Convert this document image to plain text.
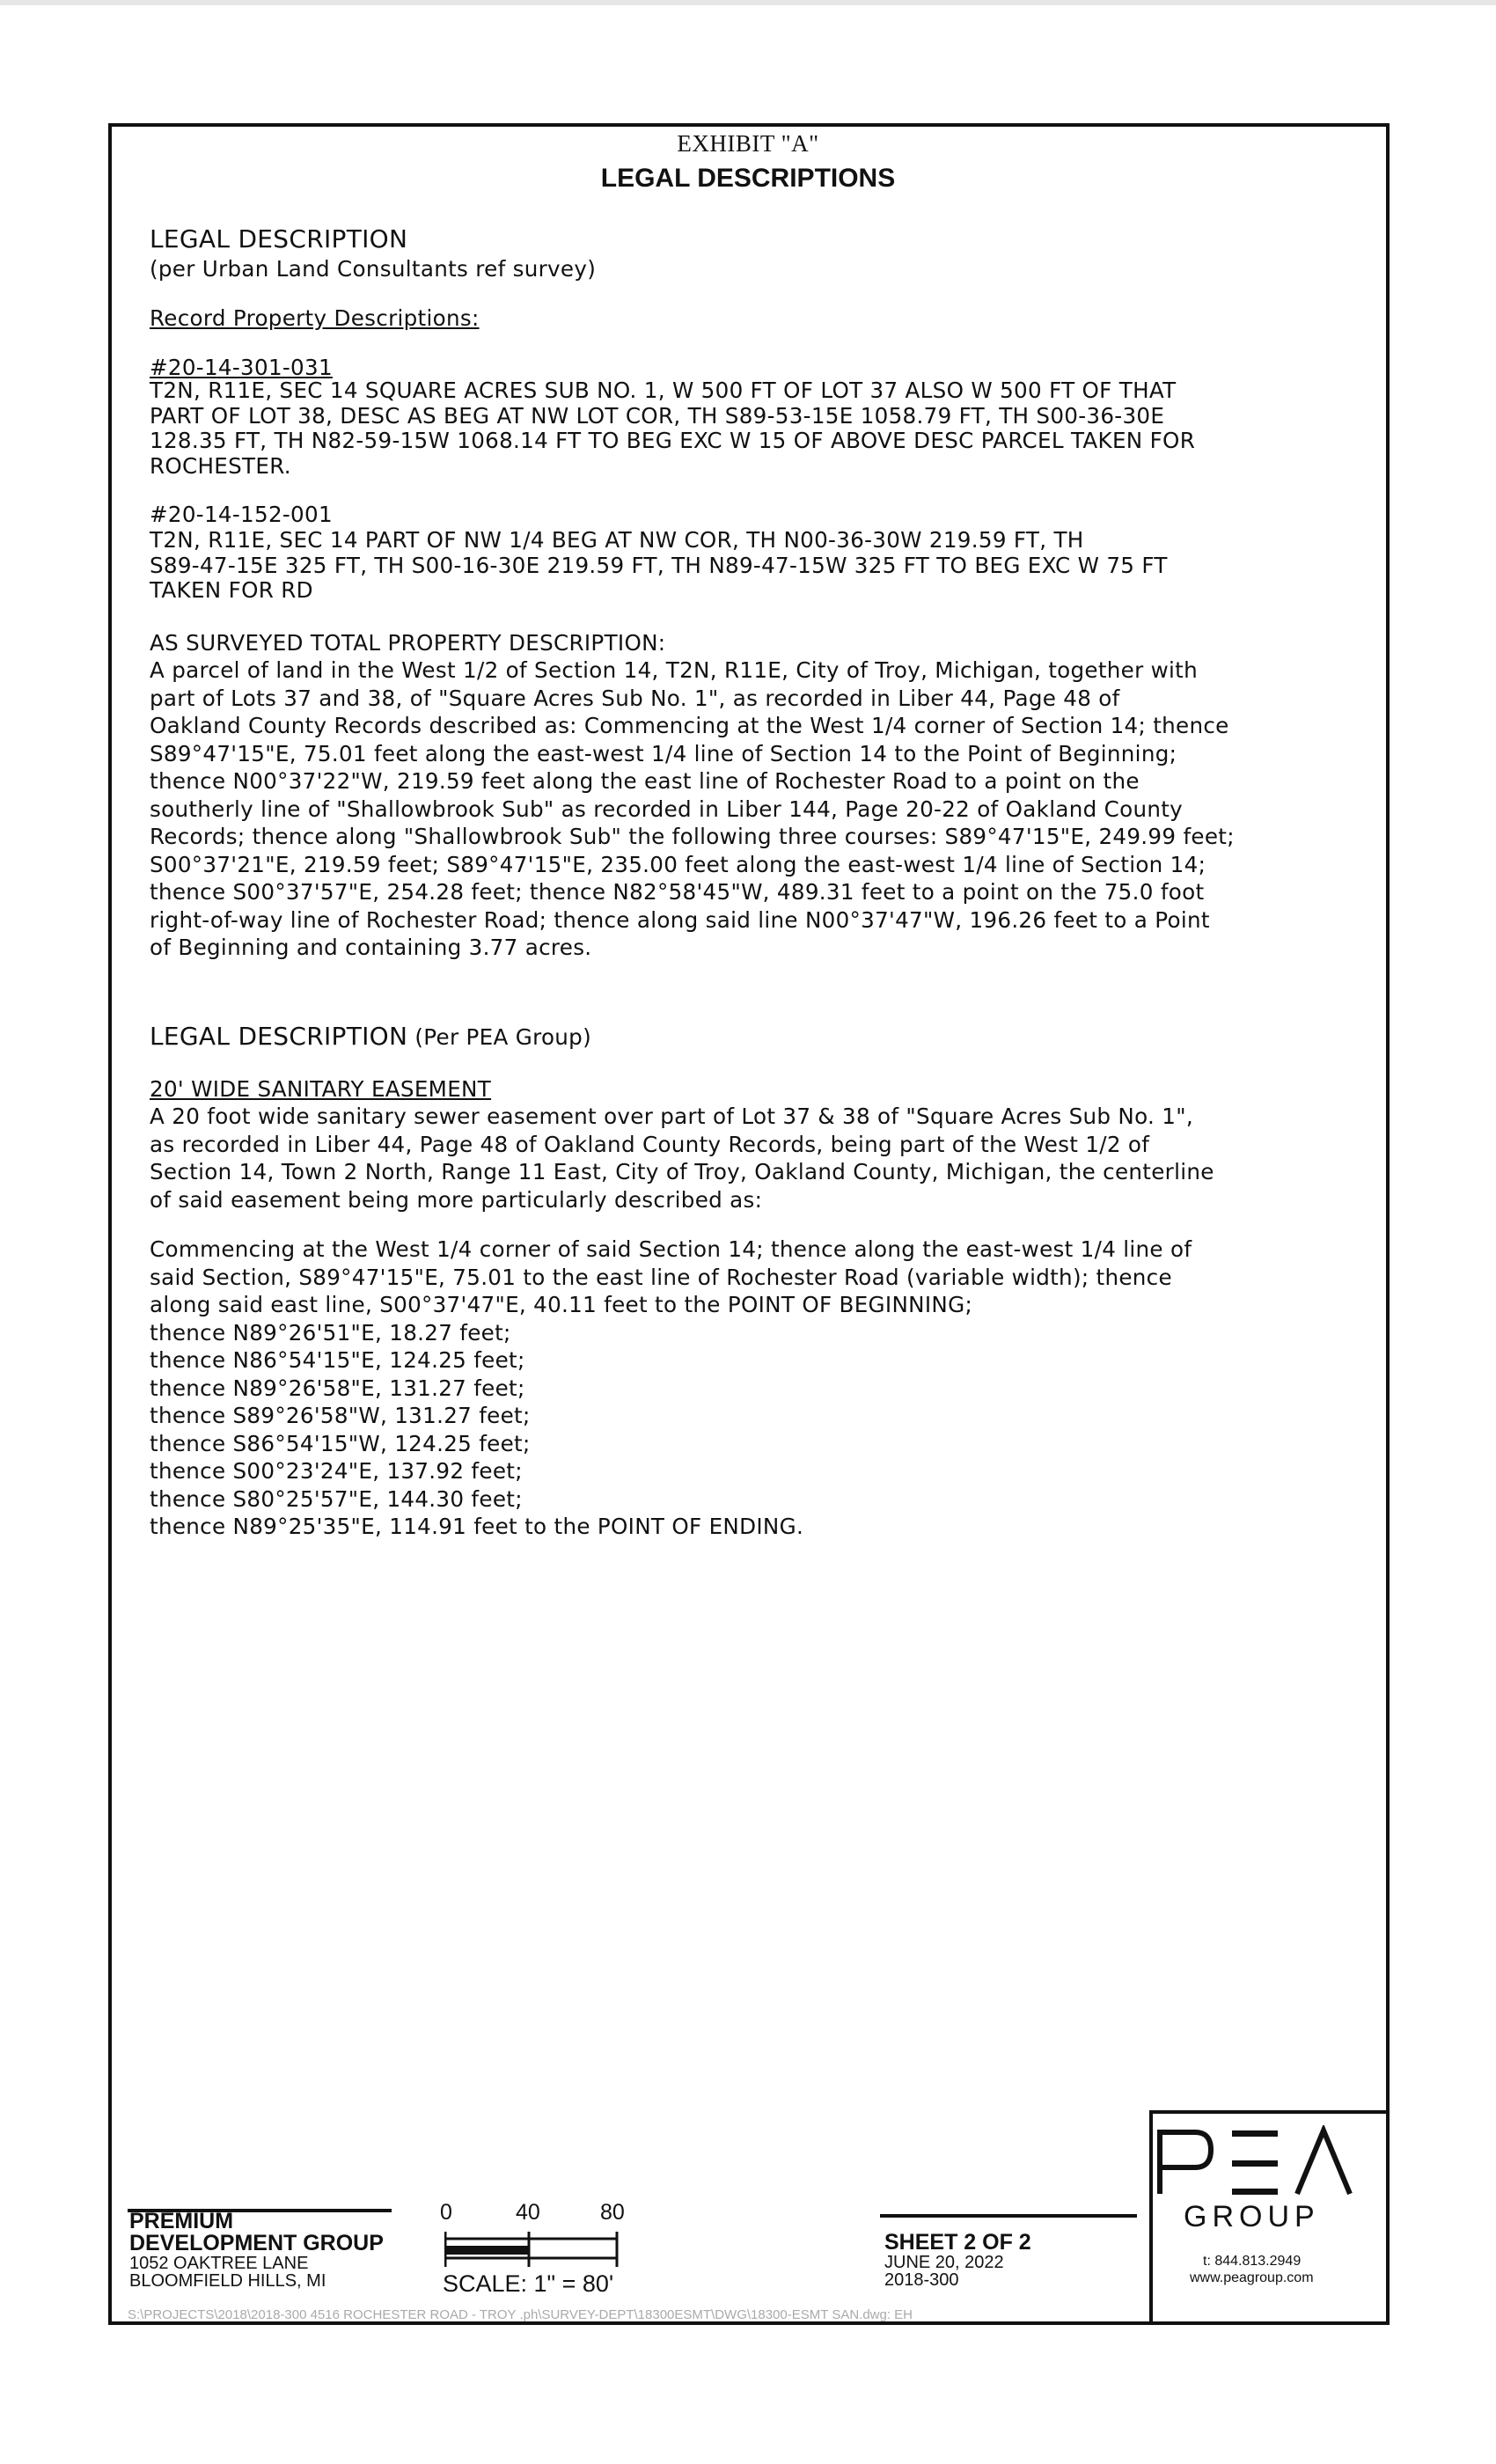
EXHIBIT "A"
LEGAL DESCRIPTIONS
LEGAL DESCRIPTION
(per Urban Land Consultants ref survey)
Record Property Descriptions:
#20-14-301-031
T2N, R11E, SEC 14 SQUARE ACRES SUB NO. 1, W 500 FT OF LOT 37 ALSO W 500 FT OF THAT
PART OF LOT 38, DESC AS BEG AT NW LOT COR, TH S89-53-15E 1058.79 FT, TH S00-36-30E
128.35 FT, TH N82-59-15W 1068.14 FT TO BEG EXC W 15 OF ABOVE DESC PARCEL TAKEN FOR
ROCHESTER.
#20-14-152-001
T2N, R11E, SEC 14 PART OF NW 1/4 BEG AT NW COR, TH N00-36-30W 219.59 FT, TH
S89-47-15E 325 FT, TH S00-16-30E 219.59 FT, TH N89-47-15W 325 FT TO BEG EXC W 75 FT
TAKEN FOR RD
AS SURVEYED TOTAL PROPERTY DESCRIPTION:
A parcel of land in the West 1/2 of Section 14, T2N, R11E, City of Troy, Michigan, together with
part of Lots 37 and 38, of "Square Acres Sub No. 1", as recorded in Liber 44, Page 48 of
Oakland County Records described as: Commencing at the West 1/4 corner of Section 14; thence
S89°47'15"E, 75.01 feet along the east-west 1/4 line of Section 14 to the Point of Beginning;
thence N00°37'22"W, 219.59 feet along the east line of Rochester Road to a point on the
southerly line of "Shallowbrook Sub" as recorded in Liber 144, Page 20-22 of Oakland County
Records; thence along "Shallowbrook Sub" the following three courses: S89°47'15"E, 249.99 feet;
S00°37'21"E, 219.59 feet; S89°47'15"E, 235.00 feet along the east-west 1/4 line of Section 14;
thence S00°37'57"E, 254.28 feet; thence N82°58'45"W, 489.31 feet to a point on the 75.0 foot
right-of-way line of Rochester Road; thence along said line N00°37'47"W, 196.26 feet to a Point
of Beginning and containing 3.77 acres.
LEGAL DESCRIPTION (Per PEA Group)
20' WIDE SANITARY EASEMENT
A 20 foot wide sanitary sewer easement over part of Lot 37 & 38 of "Square Acres Sub No. 1",
as recorded in Liber 44, Page 48 of Oakland County Records, being part of the West 1/2 of
Section 14, Town 2 North, Range 11 East, City of Troy, Oakland County, Michigan, the centerline
of said easement being more particularly described as:
Commencing at the West 1/4 corner of said Section 14; thence along the east-west 1/4 line of
said Section, S89°47'15"E, 75.01 to the east line of Rochester Road (variable width); thence
along said east line, S00°37'47"E, 40.11 feet to the POINT OF BEGINNING;
thence N89°26'51"E, 18.27 feet;
thence N86°54'15"E, 124.25 feet;
thence N89°26'58"E, 131.27 feet;
thence S89°26'58"W, 131.27 feet;
thence S86°54'15"W, 124.25 feet;
thence S00°23'24"E, 137.92 feet;
thence S80°25'57"E, 144.30 feet;
thence N89°25'35"E, 114.91 feet to the POINT OF ENDING.
PREMIUM
DEVELOPMENT GROUP
1052 OAKTREE LANE
BLOOMFIELD HILLS, MI
0	40	80
SCALE: 1" = 80'
SHEET 2 OF 2
JUNE 20, 2022
2018-300
GROUP
t: 844.813.2949
www.peagroup.com
S:\PROJECTS\2018\2018-300 4516 ROCHESTER ROAD - TROY .ph\SURVEY-DEPT\18300ESMT\DWG\18300-ESMT SAN.dwg: EH
